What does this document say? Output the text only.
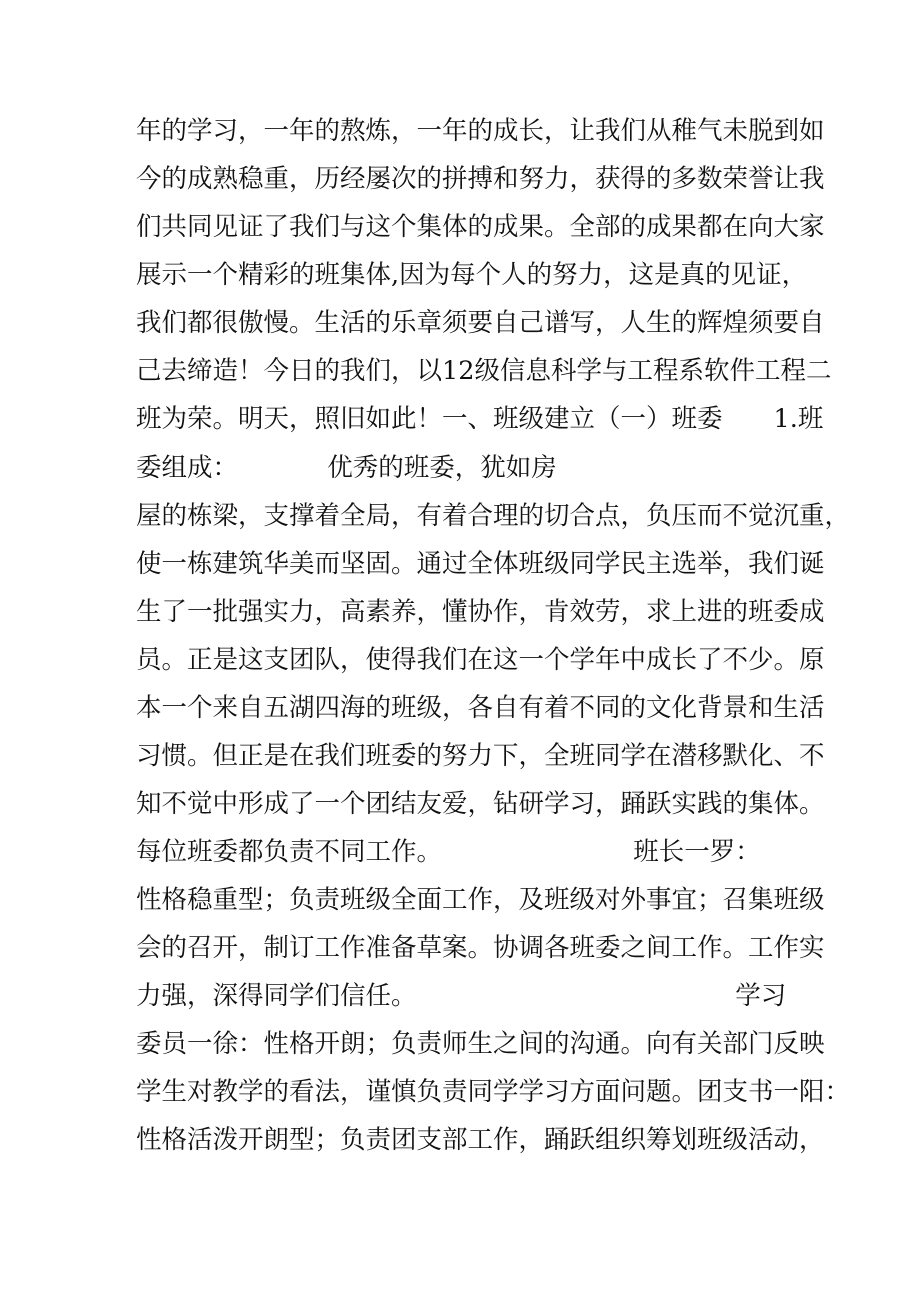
年的学习，一年的熬炼，一年的成长，让我们从稚气未脱到如
今的成熟稳重，历经屡次的拼搏和努力，获得的多数荣誉让我
们共同见证了我们与这个集体的成果。全部的成果都在向大家
展示一个精彩的班集体,因为每个人的努力，这是真的见证，
我们都很傲慢。生活的乐章须要自己谱写，人生的辉煌须要自
己去缔造！今日的我们，以12级信息科学与工程系软件工程二
班为荣。明天，照旧如此！一、班级建立（一）班委　　1.班
委组成：　　　　优秀的班委，犹如房
屋的栋梁，支撑着全局，有着合理的切合点，负压而不觉沉重，
使一栋建筑华美而坚固。通过全体班级同学民主选举，我们诞
生了一批强实力，高素养，懂协作，肯效劳，求上进的班委成
员。正是这支团队，使得我们在这一个学年中成长了不少。原
本一个来自五湖四海的班级，各自有着不同的文化背景和生活
习惯。但正是在我们班委的努力下，全班同学在潜移默化、不
知不觉中形成了一个团结友爱，钻研学习，踊跃实践的集体。
每位班委都负责不同工作。　　　　　　　　班长一罗：
性格稳重型；负责班级全面工作，及班级对外事宜；召集班级
会的召开，制订工作准备草案。协调各班委之间工作。工作实
力强，深得同学们信任。　　　　　　　　　　　　　学习
委员一徐：性格开朗；负责师生之间的沟通。向有关部门反映
学生对教学的看法，谨慎负责同学学习方面问题。团支书一阳：
性格活泼开朗型；负责团支部工作，踊跃组织筹划班级活动，
